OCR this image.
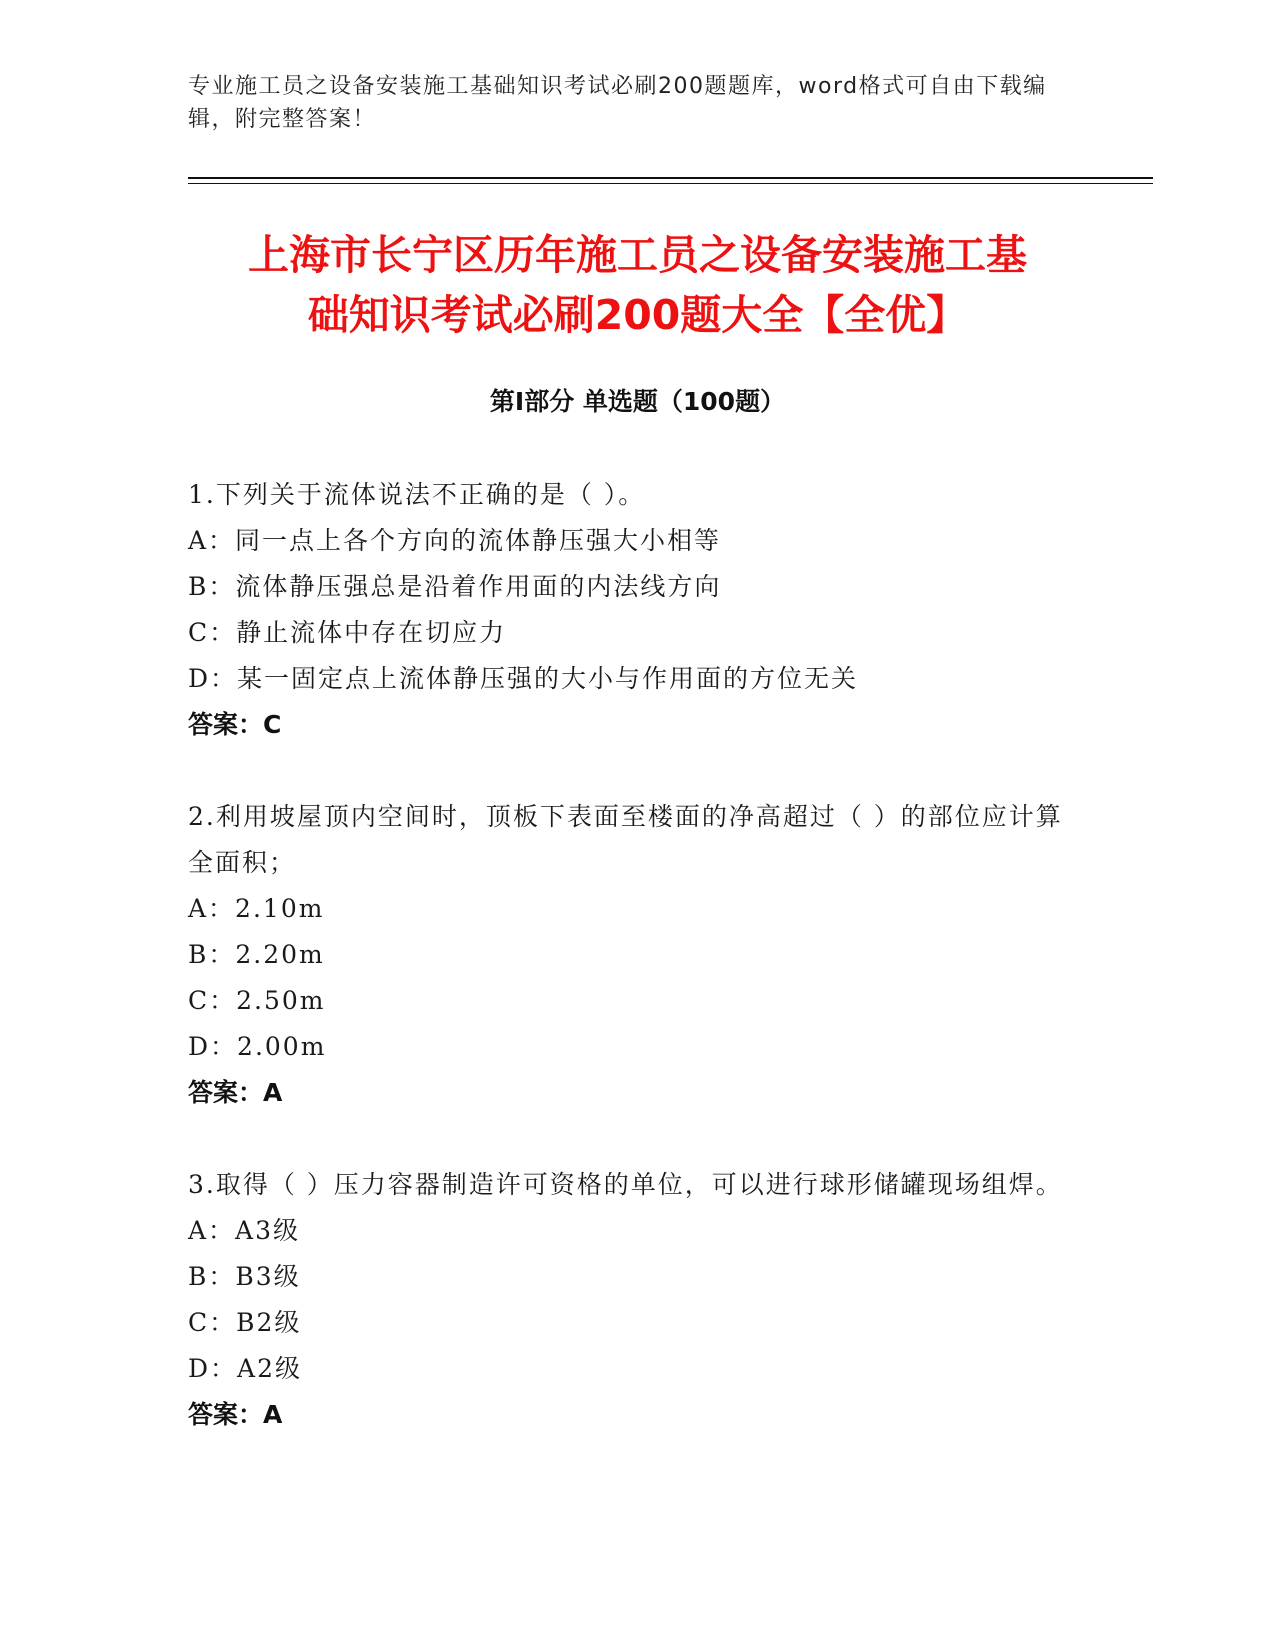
专业施工员之设备安装施工基础知识考试必刷200题题库，word格式可自由下载编辑，附完整答案！
上海市长宁区历年施工员之设备安装施工基
础知识考试必刷200题大全【全优】
第Ⅰ部分 单选题（100题）

1.下列关于流体说法不正确的是（ ）。

A：同一点上各个方向的流体静压强大小相等

B：流体静压强总是沿着作用面的内法线方向

C：静止流体中存在切应力

D：某一固定点上流体静压强的大小与作用面的方位无关

答案：C

2.利用坡屋顶内空间时，顶板下表面至楼面的净高超过（ ）的部位应计算全面积；

A：2.10m

B：2.20m

C：2.50m

D：2.00m

答案：A

3.取得（ ）压力容器制造许可资格的单位，可以进行球形储罐现场组焊。

A：A3级

B：B3级

C：B2级

D：A2级

答案：A
